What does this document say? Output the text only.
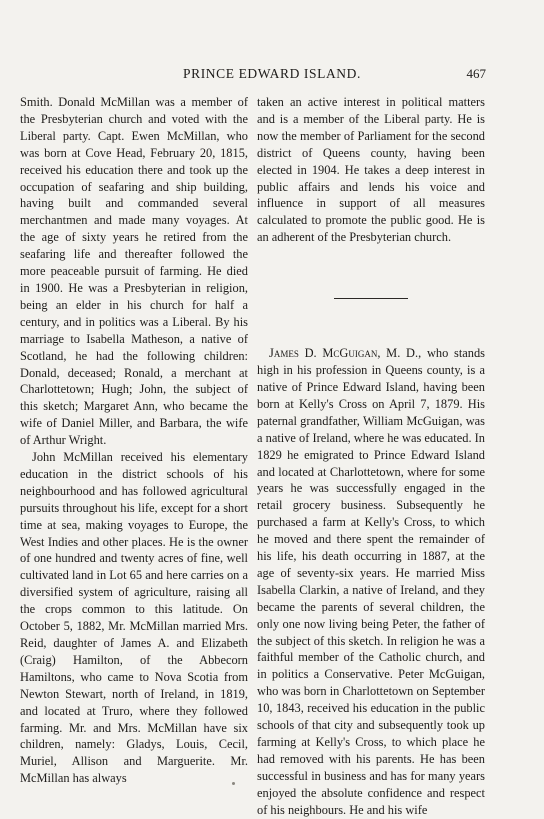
PRINCE EDWARD ISLAND.	467

Smith. Donald McMillan was a member of the Presbyterian church and voted with the Liberal party. Capt. Ewen McMillan, who was born at Cove Head, February 20, 1815, received his education there and took up the occupation of seafaring and ship building, having built and commanded several merchantmen and made many voyages. At the age of sixty years he retired from the seafaring life and thereafter followed the more peaceable pursuit of farming. He died in 1900. He was a Presbyterian in religion, being an elder in his church for half a century, and in politics was a Liberal. By his marriage to Isabella Matheson, a native of Scotland, he had the following children: Donald, deceased; Ronald, a merchant at Charlottetown; Hugh; John, the subject of this sketch; Margaret Ann, who became the wife of Daniel Miller, and Barbara, the wife of Arthur Wright.

John McMillan received his elementary education in the district schools of his neighbourhood and has followed agricultural pursuits throughout his life, except for a short time at sea, making voyages to Europe, the West Indies and other places. He is the owner of one hundred and twenty acres of fine, well cultivated land in Lot 65 and here carries on a diversified system of agriculture, raising all the crops common to this latitude. On October 5, 1882, Mr. McMillan married Mrs. Reid, daughter of James A. and Elizabeth (Craig) Hamilton, of the Abbecorn Hamiltons, who came to Nova Scotia from Newton Stewart, north of Ireland, in 1819, and located at Truro, where they followed farming. Mr. and Mrs. McMillan have six children, namely: Gladys, Louis, Cecil, Muriel, Allison and Marguerite. Mr. McMillan has always

taken an active interest in political matters and is a member of the Liberal party. He is now the member of Parliament for the second district of Queens county, having been elected in 1904. He takes a deep interest in public affairs and lends his voice and influence in support of all measures calculated to promote the public good. He is an adherent of the Presbyterian church.

James D. McGuigan, M. D., who stands high in his profession in Queens county, is a native of Prince Edward Island, having been born at Kelly's Cross on April 7, 1879. His paternal grandfather, William McGuigan, was a native of Ireland, where he was educated. In 1829 he emigrated to Prince Edward Island and located at Charlottetown, where for some years he was successfully engaged in the retail grocery business. Subsequently he purchased a farm at Kelly's Cross, to which he moved and there spent the remainder of his life, his death occurring in 1887, at the age of seventy-six years. He married Miss Isabella Clarkin, a native of Ireland, and they became the parents of several children, the only one now living being Peter, the father of the subject of this sketch. In religion he was a faithful member of the Catholic church, and in politics a Conservative. Peter McGuigan, who was born in Charlottetown on September 10, 1843, received his education in the public schools of that city and subsequently took up farming at Kelly's Cross, to which place he had removed with his parents. He has been successful in business and has for many years enjoyed the absolute confidence and respect of his neighbours. He and his wife
